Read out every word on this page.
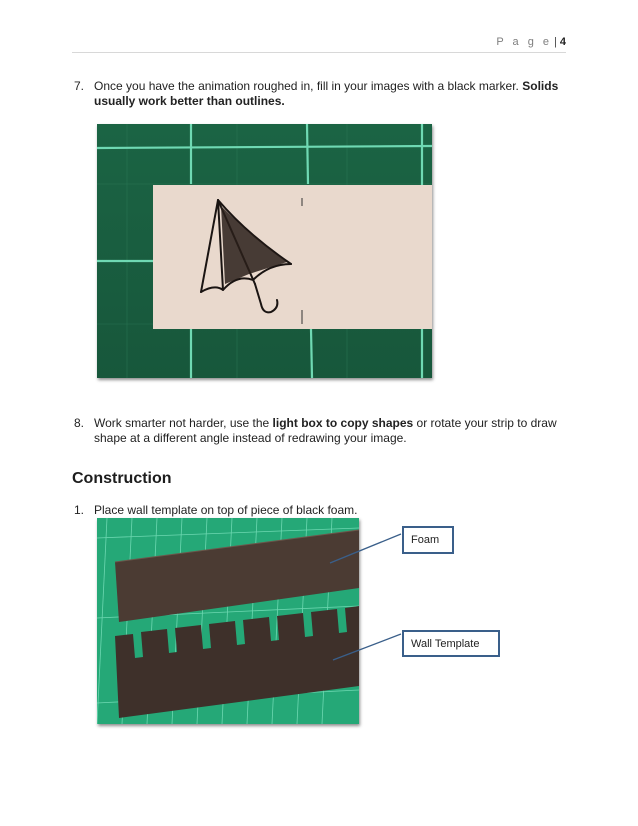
P a g e | 4
7. Once you have the animation roughed in, fill in your images with a black marker. Solids
usually work better than outlines.
8. Work smarter not harder, use the light box to copy shapes or rotate your strip to draw
shape at a different angle instead of redrawing your image.
Construction
1. Place wall template on top of piece of black foam.
Foam
Wall Template
